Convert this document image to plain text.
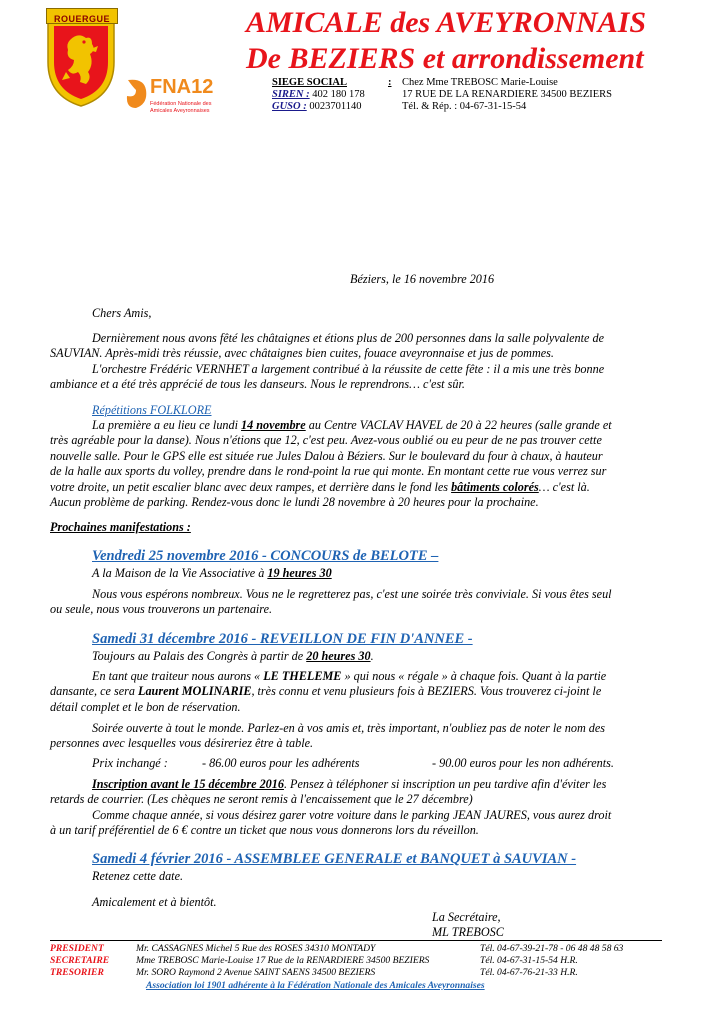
ROUERGUE
FNA12
Fédération Nationale des
Amicales Aveyronnaises
AMICALE des AVEYRONNAIS
De BEZIERS et arrondissement
SIEGE SOCIAL	: Chez Mme TREBOSC Marie-Louise
SIREN : 402 180 178	17 RUE DE LA RENARDIERE 34500 BEZIERS
GUSO : 0023701140	Tél. & Rép. : 04-67-31-15-54
Béziers, le 16 novembre 2016
Chers Amis,
Dernièrement nous avons fêté les châtaignes et étions plus de 200 personnes dans la salle polyvalente de
SAUVIAN. Après-midi très réussie, avec châtaignes bien cuites, fouace aveyronnaise et jus de pommes.
L'orchestre Frédéric VERNHET a largement contribué à la réussite de cette fête : il a mis une très bonne
ambiance et a été très apprécié de tous les danseurs. Nous le reprendrons… c'est sûr.
Répétitions FOLKLORE
La première a eu lieu ce lundi 14 novembre au Centre VACLAV HAVEL de 20 à 22 heures (salle grande et
très agréable pour la danse). Nous n'étions que 12, c'est peu. Avez-vous oublié ou eu peur de ne pas trouver cette
nouvelle salle. Pour le GPS elle est située rue Jules Dalou à Béziers. Sur le boulevard du four à chaux, à hauteur
de la halle aux sports du volley, prendre dans le rond-point la rue qui monte. En montant cette rue vous verrez sur
votre droite, un petit escalier blanc avec deux rampes, et derrière dans le fond les bâtiments colorés… c'est là.
Aucun problème de parking. Rendez-vous donc le lundi 28 novembre à 20 heures pour la prochaine.
Prochaines manifestations :
Vendredi 25 novembre 2016 - CONCOURS de BELOTE –
A la Maison de la Vie Associative à 19 heures 30
Nous vous espérons nombreux. Vous ne le regretterez pas, c'est une soirée très conviviale. Si vous êtes seul
ou seule, nous vous trouverons un partenaire.
Samedi 31 décembre 2016 - REVEILLON DE FIN D'ANNEE -
Toujours au Palais des Congrès à partir de 20 heures 30.
En tant que traiteur nous aurons « LE THELEME » qui nous « régale » à chaque fois. Quant à la partie
dansante, ce sera Laurent MOLINARIE, très connu et venu plusieurs fois à BEZIERS. Vous trouverez ci-joint le
détail complet et le bon de réservation.
Soirée ouverte à tout le monde. Parlez-en à vos amis et, très important, n'oubliez pas de noter le nom des
personnes avec lesquelles vous désireriez être à table.
Prix inchangé :	- 86.00 euros pour les adhérents	- 90.00 euros pour les non adhérents.
Inscription avant le 15 décembre 2016. Pensez à téléphoner si inscription un peu tardive afin d'éviter les
retards de courrier. (Les chèques ne seront remis à l'encaissement que le 27 décembre)
Comme chaque année, si vous désirez garer votre voiture dans le parking JEAN JAURES, vous aurez droit
à un tarif préférentiel de 6 € contre un ticket que nous vous donnerons lors du réveillon.
Samedi 4 février 2016 - ASSEMBLEE GENERALE et BANQUET à SAUVIAN -
Retenez cette date.
Amicalement et à bientôt.
La Secrétaire,
ML TREBOSC
PRESIDENT	Mr. CASSAGNES Michel 5 Rue des ROSES 34310 MONTADY	Tél. 04-67-39-21-78 - 06 48 48 58 63
SECRETAIRE	Mme TREBOSC Marie-Louise 17 Rue de la RENARDIERE 34500 BEZIERS	Tél. 04-67-31-15-54 H.R.
TRESORIER	Mr. SORO Raymond 2 Avenue SAINT SAENS 34500 BEZIERS	Tél. 04-67-76-21-33 H.R.
Association loi 1901 adhérente à la Fédération Nationale des Amicales Aveyronnaises
